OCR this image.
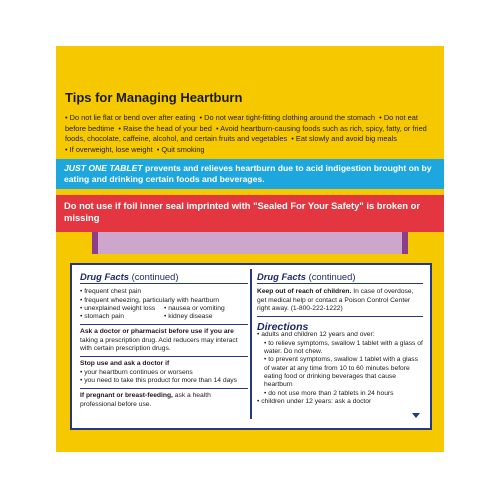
Tips for Managing Heartburn
• Do not lie flat or bend over after eating • Do not wear tight-fitting clothing around the stomach • Do not eat before bedtime • Raise the head of your bed • Avoid heartburn-causing foods such as rich, spicy, fatty, or fried foods, chocolate, caffeine, alcohol, and certain fruits and vegetables • Eat slowly and avoid big meals
• If overweight, lose weight • Quit smoking
JUST ONE TABLET prevents and relieves heartburn due to acid indigestion brought on by eating and drinking certain foods and beverages.
Do not use if foil inner seal imprinted with "Sealed For Your Safety" is broken or missing
Drug Facts (continued)
• frequent chest pain
• frequent wheezing, particularly with heartburn
• unexplained weight loss
• stomach pain
• nausea or vomiting
• kidney disease
Ask a doctor or pharmacist before use if you are taking a prescription drug. Acid reducers may interact with certain prescription drugs.
Stop use and ask a doctor if
• your heartburn continues or worsens
• you need to take this product for more than 14 days
If pregnant or breast-feeding, ask a health professional before use.
Drug Facts (continued)
Keep out of reach of children. In case of overdose, get medical help or contact a Poison Control Center right away. (1-800-222-1222)
Directions
• adults and children 12 years and over:
• to relieve symptoms, swallow 1 tablet with a glass of water. Do not chew.
• to prevent symptoms, swallow 1 tablet with a glass of water at any time from 10 to 60 minutes before eating food or drinking beverages that cause heartburn
• do not use more than 2 tablets in 24 hours
• children under 12 years: ask a doctor
